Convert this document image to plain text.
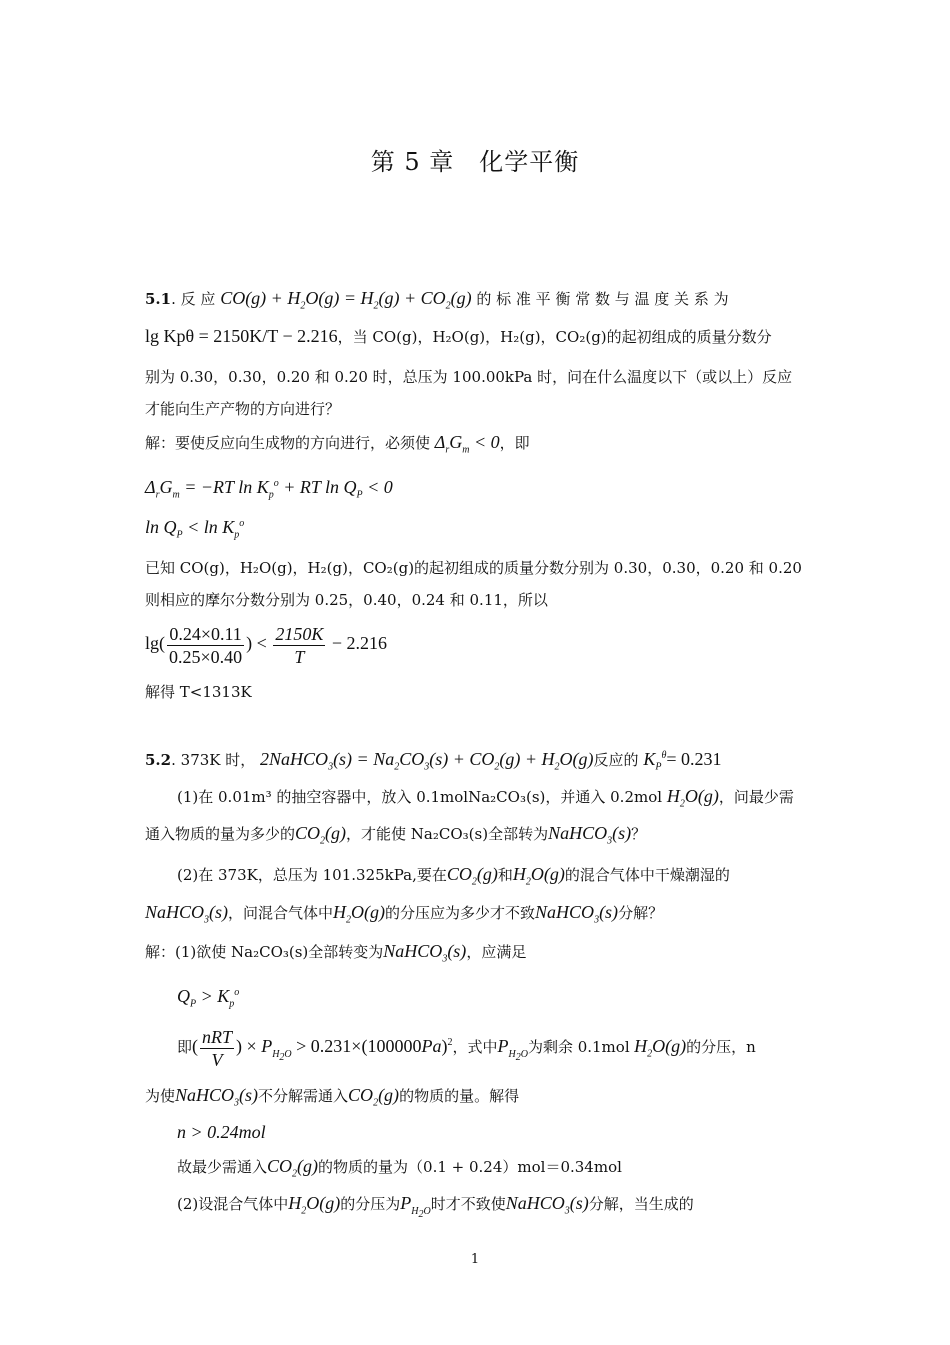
第 5 章　化学平衡
5.1. 反 应 $CO(g) + H_2O(g) = H_2(g) + CO_2(g)$ 的 标 准 平 衡 常 数 与 温 度 关 系 为
lg Kpθ = 2150K/T − 2.216，当 CO(g)，H₂O(g)，H₂(g)，CO₂(g)的起初组成的质量分数分
别为 0.30，0.30，0.20 和 0.20 时，总压为 100.00kPa 时，问在什么温度以下（或以上）反应
才能向生产产物的方向进行？
解：要使反应向生成物的方向进行，必须使 $\Delta_rG_m < 0$，即
$\Delta_rG_m = -RT$ $\ln K_p^o$ + RT $\ln Q_P < 0$
$\ln Q_P < \ln K_p^o$
已知 CO(g)，H₂O(g)，H₂(g)，CO₂(g)的起初组成的质量分数分别为 0.30，0.30，0.20 和 0.20
则相应的摩尔分数分别为 0.25，0.40，0.24 和 0.11，所以
$\lg( \frac{0.24\times 0.11}{0.25\times 0.40}$ ) < $\frac{2150K}{T} - 2.216$
解得 T<1313K
5.2. 373K 时， 2NaHCO$_3$(s) = $Na_2CO_3(s) + CO_2(g) + H_2O(g)$反应的 $K_P^\theta= 0.231$
(1)在 0.01m³ 的抽空容器中，放入 0.1molNa₂CO₃(s)，并通入 0.2mol $H_2O(g)$，问最少需
通入物质的量为多少的$CO_2(g)$，才能使 Na₂CO₃(s)全部转为NaHCO$_3$(s)？
(2)在 373K，总压为 101.325kPa,要在$CO_2(g)$和$H_2O(g)$的混合气体中干燥潮湿的
NaHCO$_3$(s)，问混合气体中$H_2O(g)$的分压应为多少才不致NaHCO$_3$(s)分解？
解：(1)欲使 Na₂CO₃(s)全部转变为NaHCO$_3$(s)，应满足
$Q_P > K_p^o$
即( $\frac{\text{nRT}}{V}$ ) × $P_{H_2O} > 0.231\times(100000Pa)^2$，式中$P_{H_2O}$为剩余 0.1mol $H_2O(g)$的分压，n
为使NaHCO$_3$(s)不分解需通入$CO_2(g)$的物质的量。解得
n > 0.24mol
故最少需通入$CO_2(g)$的物质的量为（0.1 + 0.24）mol＝0.34mol
(2)设混合气体中$H_2O(g)$的分压为$P_{H_2O}$时才不致使NaHCO$_3$(s)分解，当生成的
1
